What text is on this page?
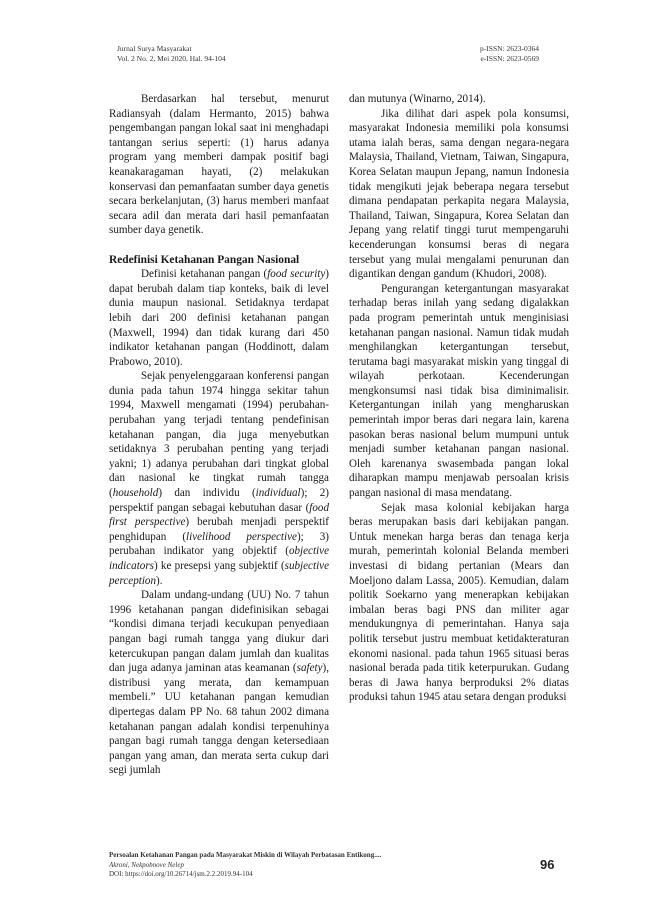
Jurnal Surya Masyarakat
Vol. 2 No. 2, Mei 2020, Hal. 94-104
p-ISSN: 2623-0364
e-ISSN: 2623-0569

Berdasarkan hal tersebut, menurut Radiansyah (dalam Hermanto, 2015) bahwa pengembangan pangan lokal saat ini menghadapi tantangan serius seperti: (1) harus adanya program yang memberi dampak positif bagi keanakaragaman hayati, (2) melakukan konservasi dan pemanfaatan sumber daya genetis secara berkelanjutan, (3) harus memberi manfaat secara adil dan merata dari hasil pemanfaatan sumber daya genetik.

Redefinisi Ketahanan Pangan Nasional

Definisi ketahanan pangan (food security) dapat berubah dalam tiap konteks, baik di level dunia maupun nasional. Setidaknya terdapat lebih dari 200 definisi ketahanan pangan (Maxwell, 1994) dan tidak kurang dari 450 indikator ketahanan pangan (Hoddinott, dalam Prabowo, 2010).

Sejak penyelenggaraan konferensi pangan dunia pada tahun 1974 hingga sekitar tahun 1994, Maxwell mengamati (1994) perubahan-perubahan yang terjadi tentang pendefinisan ketahanan pangan, dia juga menyebutkan setidaknya 3 perubahan penting yang terjadi yakni; 1) adanya perubahan dari tingkat global dan nasional ke tingkat rumah tangga (household) dan individu (individual); 2) perspektif pangan sebagai kebutuhan dasar (food first perspective) berubah menjadi perspektif penghidupan (livelihood perspective); 3) perubahan indikator yang objektif (objective indicators) ke presepsi yang subjektif (subjective perception).

Dalam undang-undang (UU) No. 7 tahun 1996 ketahanan pangan didefinisikan sebagai “kondisi dimana terjadi kecukupan penyediaan pangan bagi rumah tangga yang diukur dari ketercukupan pangan dalam jumlah dan kualitas dan juga adanya jaminan atas keamanan (safety), distribusi yang merata, dan kemampuan membeli.” UU ketahanan pangan kemudian dipertegas dalam PP No. 68 tahun 2002 dimana ketahanan pangan adalah kondisi terpenuhinya pangan bagi rumah tangga dengan ketersediaan pangan yang aman, dan merata serta cukup dari segi jumlah

dan mutunya (Winarno, 2014).

Jika dilihat dari aspek pola konsumsi, masyarakat Indonesia memiliki pola konsumsi utama ialah beras, sama dengan negara-negara Malaysia, Thailand, Vietnam, Taiwan, Singapura, Korea Selatan maupun Jepang, namun Indonesia tidak mengikuti jejak beberapa negara tersebut dimana pendapatan perkapita negara Malaysia, Thailand, Taiwan, Singapura, Korea Selatan dan Jepang yang relatif tinggi turut mempengaruhi kecenderungan konsumsi beras di negara tersebut yang mulai mengalami penurunan dan digantikan dengan gandum (Khudori, 2008).

Pengurangan ketergantungan masyarakat terhadap beras inilah yang sedang digalakkan pada program pemerintah untuk menginisiasi ketahanan pangan nasional. Namun tidak mudah menghilangkan ketergantungan tersebut, terutama bagi masyarakat miskin yang tinggal di wilayah perkotaan. Kecenderungan mengkonsumsi nasi tidak bisa diminimalisir. Ketergantungan inilah yang mengharuskan pemerintah impor beras dari negara lain, karena pasokan beras nasional belum mumpuni untuk menjadi sumber ketahanan pangan nasional. Oleh karenanya swasembada pangan lokal diharapkan mampu menjawab persoalan krisis pangan nasional di masa mendatang.

Sejak masa kolonial kebijakan harga beras merupakan basis dari kebijakan pangan. Untuk menekan harga beras dan tenaga kerja murah, pemerintah kolonial Belanda memberi investasi di bidang pertanian (Mears dan Moeljono dalam Lassa, 2005). Kemudian, dalam politik Soekarno yang menerapkan kebijakan imbalan beras bagi PNS dan militer agar mendukungnya di pemerintahan. Hanya saja politik tersebut justru membuat ketidakteraturan ekonomi nasional. pada tahun 1965 situasi beras nasional berada pada titik keterpurukan. Gudang beras di Jawa hanya berproduksi 2% diatas produksi tahun 1945 atau setara dengan produksi

Persoalan Ketahanan Pangan pada Masyarakat Miskin di Wilayah Perbatasan Entikong....
Akroni, Nekpobnove Nelep
DOI: https://doi.org/10.26714/jsm.2.2.2019.94-104
96
